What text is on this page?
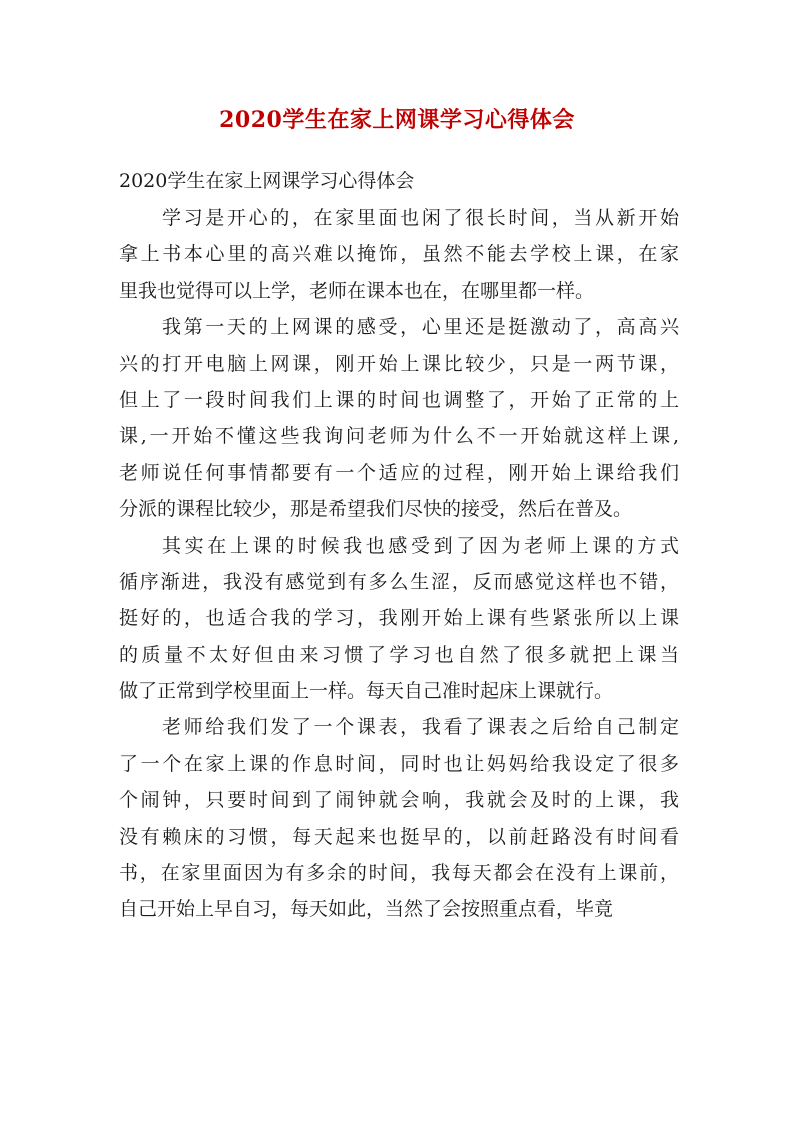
2020学生在家上网课学习心得体会
2020学生在家上网课学习心得体会
学习是开心的，在家里面也闲了很长时间，当从新开始
拿上书本心里的高兴难以掩饰，虽然不能去学校上课，在家
里我也觉得可以上学，老师在课本也在，在哪里都一样。
我第一天的上网课的感受，心里还是挺激动了，高高兴
兴的打开电脑上网课，刚开始上课比较少，只是一两节课，
但上了一段时间我们上课的时间也调整了，开始了正常的上
课,一开始不懂这些我询问老师为什么不一开始就这样上课,
老师说任何事情都要有一个适应的过程，刚开始上课给我们
分派的课程比较少，那是希望我们尽快的接受，然后在普及。
其实在上课的时候我也感受到了因为老师上课的方式
循序渐进，我没有感觉到有多么生涩，反而感觉这样也不错，
挺好的，也适合我的学习，我刚开始上课有些紧张所以上课
的质量不太好但由来习惯了学习也自然了很多就把上课当
做了正常到学校里面上一样。每天自己准时起床上课就行。
老师给我们发了一个课表，我看了课表之后给自己制定
了一个在家上课的作息时间，同时也让妈妈给我设定了很多
个闹钟，只要时间到了闹钟就会响，我就会及时的上课，我
没有赖床的习惯，每天起来也挺早的，以前赶路没有时间看
书，在家里面因为有多余的时间，我每天都会在没有上课前，
自己开始上早自习，每天如此，当然了会按照重点看，毕竟
